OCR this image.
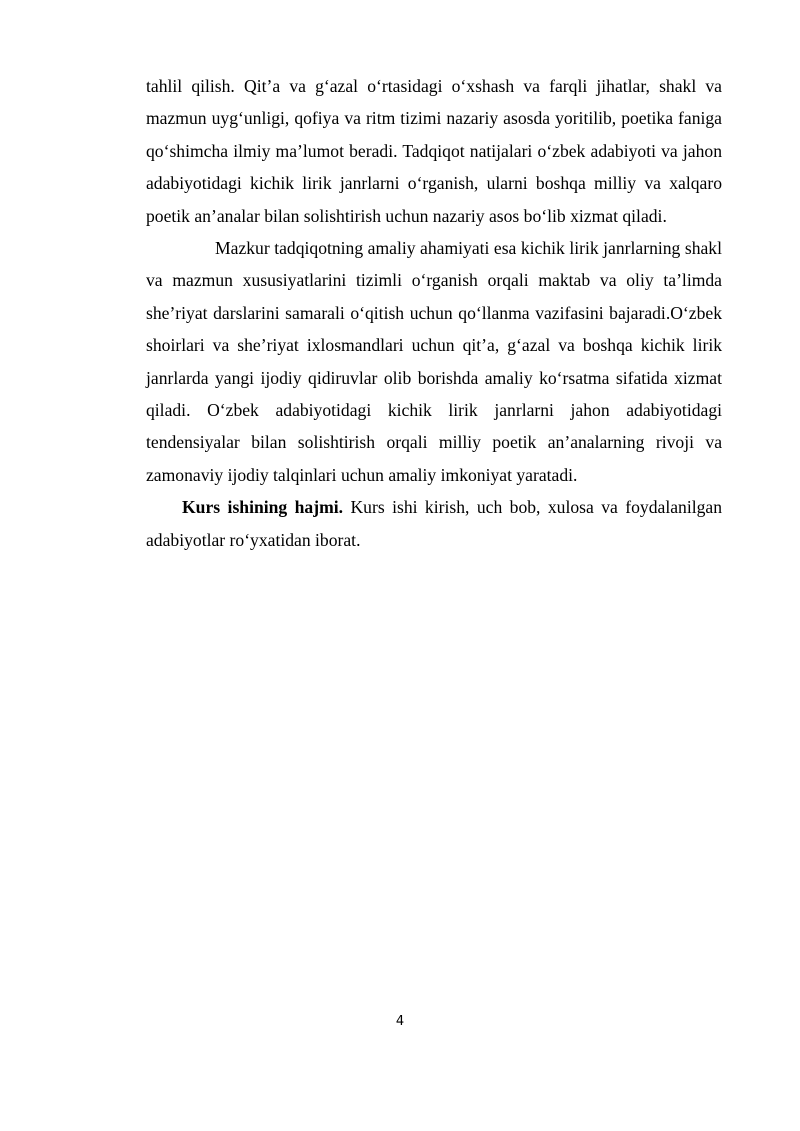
tahlil qilish. Qit’a va g‘azal o‘rtasidagi o‘xshash va farqli jihatlar, shakl va mazmun uyg‘unligi, qofiya va ritm tizimi nazariy asosda yoritilib, poetika faniga qo‘shimcha ilmiy ma’lumot beradi. Tadqiqot natijalari o‘zbek adabiyoti va jahon adabiyotidagi kichik lirik janrlarni o‘rganish, ularni boshqa milliy va xalqaro poetik an’analar bilan solishtirish uchun nazariy asos bo‘lib xizmat qiladi.

Mazkur tadqiqotning amaliy ahamiyati esa kichik lirik janrlarning shakl va mazmun xususiyatlarini tizimli o‘rganish orqali maktab va oliy ta’limda she’riyat darslarini samarali o‘qitish uchun qo‘llanma vazifasini bajaradi.O‘zbek shoirlari va she’riyat ixlosmandlari uchun qit’a, g‘azal va boshqa kichik lirik janrlarda yangi ijodiy qidiruvlar olib borishda amaliy ko‘rsatma sifatida xizmat qiladi. O‘zbek adabiyotidagi kichik lirik janrlarni jahon adabiyotidagi tendensiyalar bilan solishtirish orqali milliy poetik an’analarning rivoji va zamonaviy ijodiy talqinlari uchun amaliy imkoniyat yaratadi.

Kurs ishining hajmi. Kurs ishi kirish, uch bob, xulosa va foydalanilgan adabiyotlar ro‘yxatidan iborat.

4
